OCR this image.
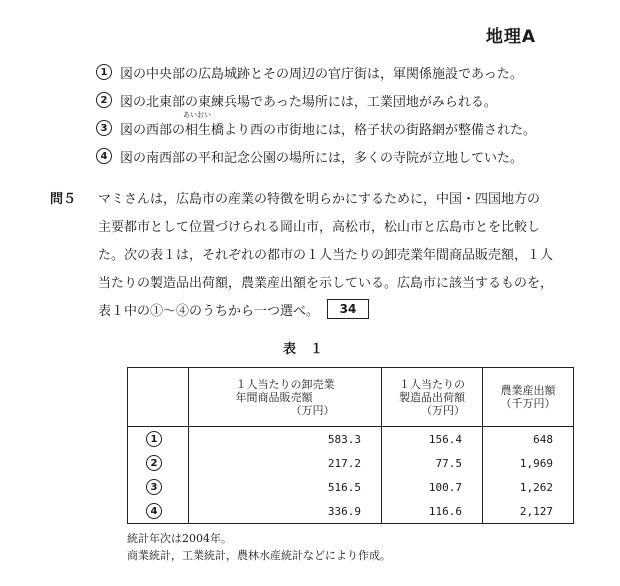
地理A
1 図の中央部の広島城跡とその周辺の官庁街は，軍関係施設であった。
2 図の北東部の東練兵場であった場所には，工業団地がみられる。
3 図の西部の
あいおい
相生 橋より西の市街地には，格子状の街路網が整備された。
4 図の南西部の平和記念公園の場所には，多くの寺院が立地していた。
問５	マミさんは，広島市の産業の特徴を明らかにするために，中国・四国地方の
主要都市として位置づけられる岡山市，高松市，松山市と広島市とを比較し
た。次の表１は，それぞれの都市の１人当たりの卸売業年間商品販売額，１人
当たりの製造品出荷額，農業産出額を示している。広島市に該当するものを，
表１中の①～④のうちから一つ選べ。	34
表１

	１人当たりの卸売業
年間商品販売額
（万円）	１人当たりの
製造品出荷額
（万円）	農業産出額
（千万円）

1	583.3	156.4	648
2	217.2	77.5	1,969
3	516.5	100.7	1,262
4	336.9	116.6	2,127
統計年次は2004年。
商業統計，工業統計，農林水産統計などにより作成。
